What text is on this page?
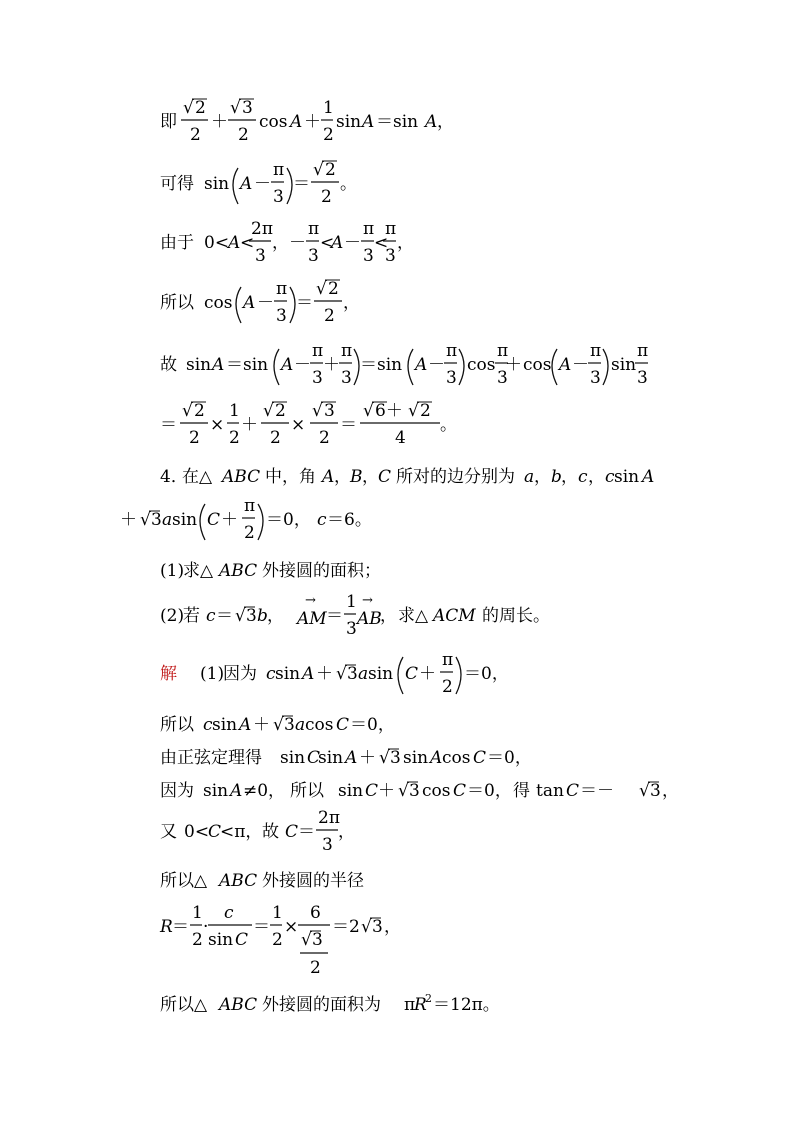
即
√ 2
2
＋
√ 3
2
cos A ＋
1
2
sin A ＝sin A ，
可得 sin A －
π
3
＝
√ 2
2
。
由于 0<
A <
2π
3
，－
π
3
<
A －
π
3
<
π
3
，
所以 cos A －
π
3
＝
√ 2
2
，
故 sin A ＝sin A －
π
3
＋
π
3
＝sin A －
π
3
cos
π
3
＋ cos A －
π
3
sin
π
3
＝
√ 2
2
×
1
2
＋
√ 2
2
×
√ 3
2
＝
√ 6＋ √ 2
4
。
4．
在△ ABC 中，角 A ， B ， C 所对的边分别为 a ， b ， c ， c sin A
＋ √ 3 a sin C ＋
π
2
＝0， c ＝6。
(1)
求△ ABC 外接圆的面积；
(2)
若 c ＝ √ 3 b ，
→
AM ＝
1
3
→
AB
， 求△ ACM 的周长。
解 (1)
因为 c sin A ＋ √ 3 a sin C ＋
π
2
＝0，
所以 c sin A ＋ √ 3 a cos C ＝0，
由正弦定理得 sin C
sin A ＋ √ 3 sin A cos C ＝0，
因为 sin A ≠0， 所以 sin C ＋ √ 3 cos C ＝0， 得 tan C ＝－ √ 3 ，
又 0<
C
<π， 故 C ＝
2π
3
，
所以△ ABC 外接圆的半径
R ＝
1
2
·
c
sin C
＝
1
2
×
6
√ 3
2
＝2 √ 3 ，
所以△ ABC 外接圆的面积为 π
R
2 ＝12π。
